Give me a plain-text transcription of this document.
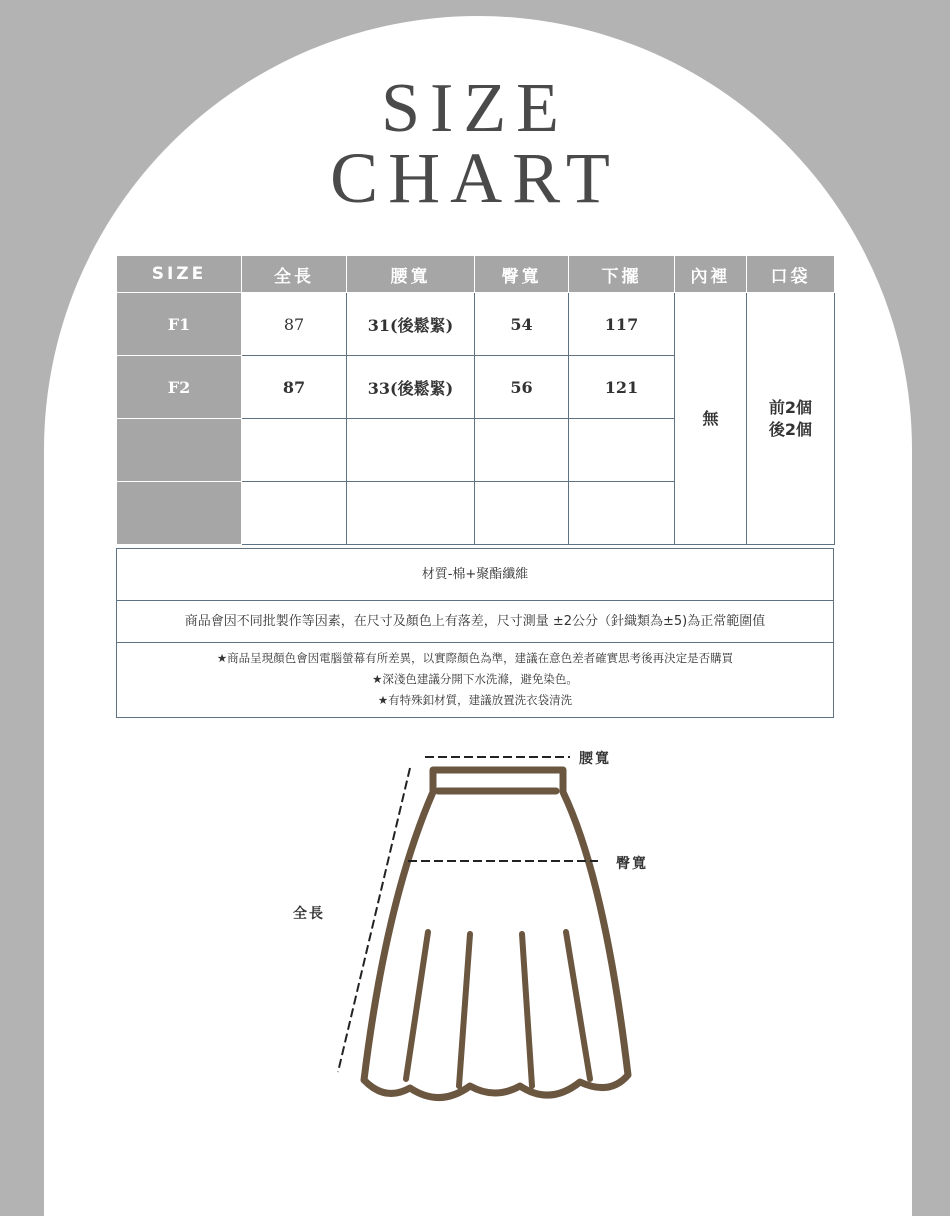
SIZE
CHART
SIZE	全長	腰寬	臀寬	下擺	內裡	口袋
F1	87	31(後鬆緊)	54	117	無	前2個
後2個

F2	87	33(後鬆緊)	56	121		

材質-棉+聚酯纖維
商品會因不同批製作等因素，在尺寸及顏色上有落差，尺寸測量 ±2公分（針織類為±5)為正常範圍值
★商品呈現顏色會因電腦螢幕有所差異，以實際顏色為準，建議在意色差者確實思考後再決定是否購買
★深淺色建議分開下水洗滌，避免染色。
★有特殊釦材質，建議放置洗衣袋清洗
腰寬
臀寬
全長
